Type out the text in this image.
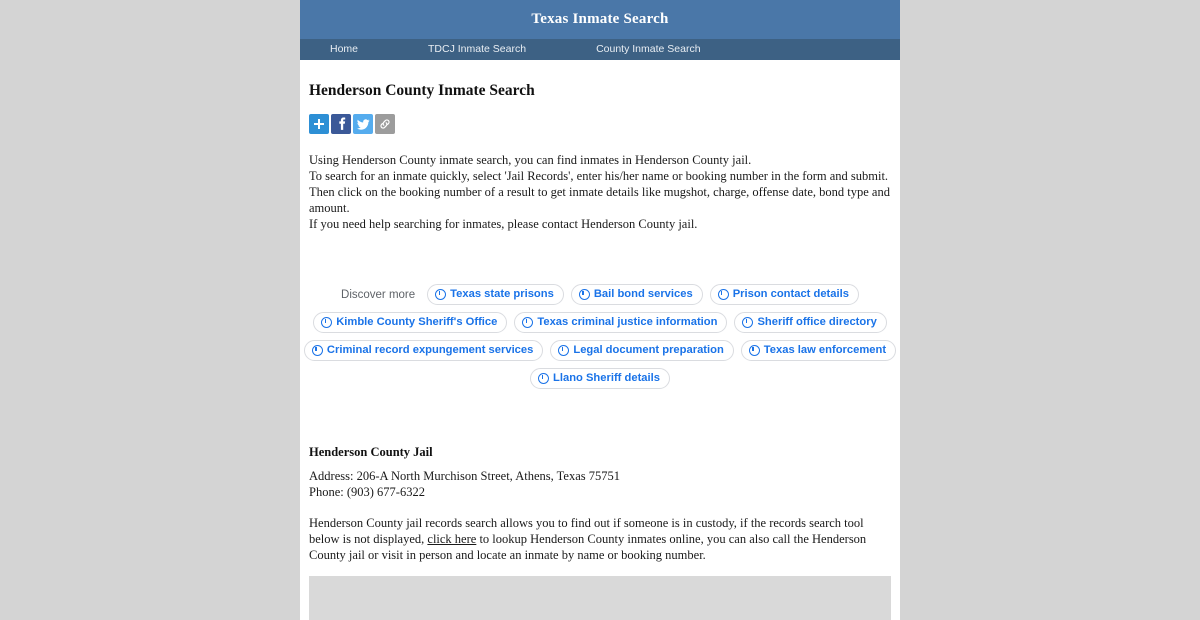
Texas Inmate Search
Home	TDCJ Inmate Search	County Inmate Search
Henderson County Inmate Search

Using Henderson County inmate search, you can find inmates in Henderson County jail.

To search for an inmate quickly, select 'Jail Records', enter his/her name or booking number in the form and submit.

Then click on the booking number of a result to get inmate details like mugshot, charge, offense date, bond type and amount.

If you need help searching for inmates, please contact Henderson County jail.

Discover more	Texas state prisons	Bail bond services	Prison contact details
Kimble County Sheriff's Office	Texas criminal justice information	Sheriff office directory
Criminal record expungement services	Legal document preparation	Texas law enforcement
Llano Sheriff details

Henderson County Jail

Address: 206-A North Murchison Street, Athens, Texas 75751

Phone: (903) 677-6322

Henderson County jail records search allows you to find out if someone is in custody, if the records search tool below is not displayed, click here to lookup Henderson County inmates online, you can also call the Henderson County jail or visit in person and locate an inmate by name or booking number.
